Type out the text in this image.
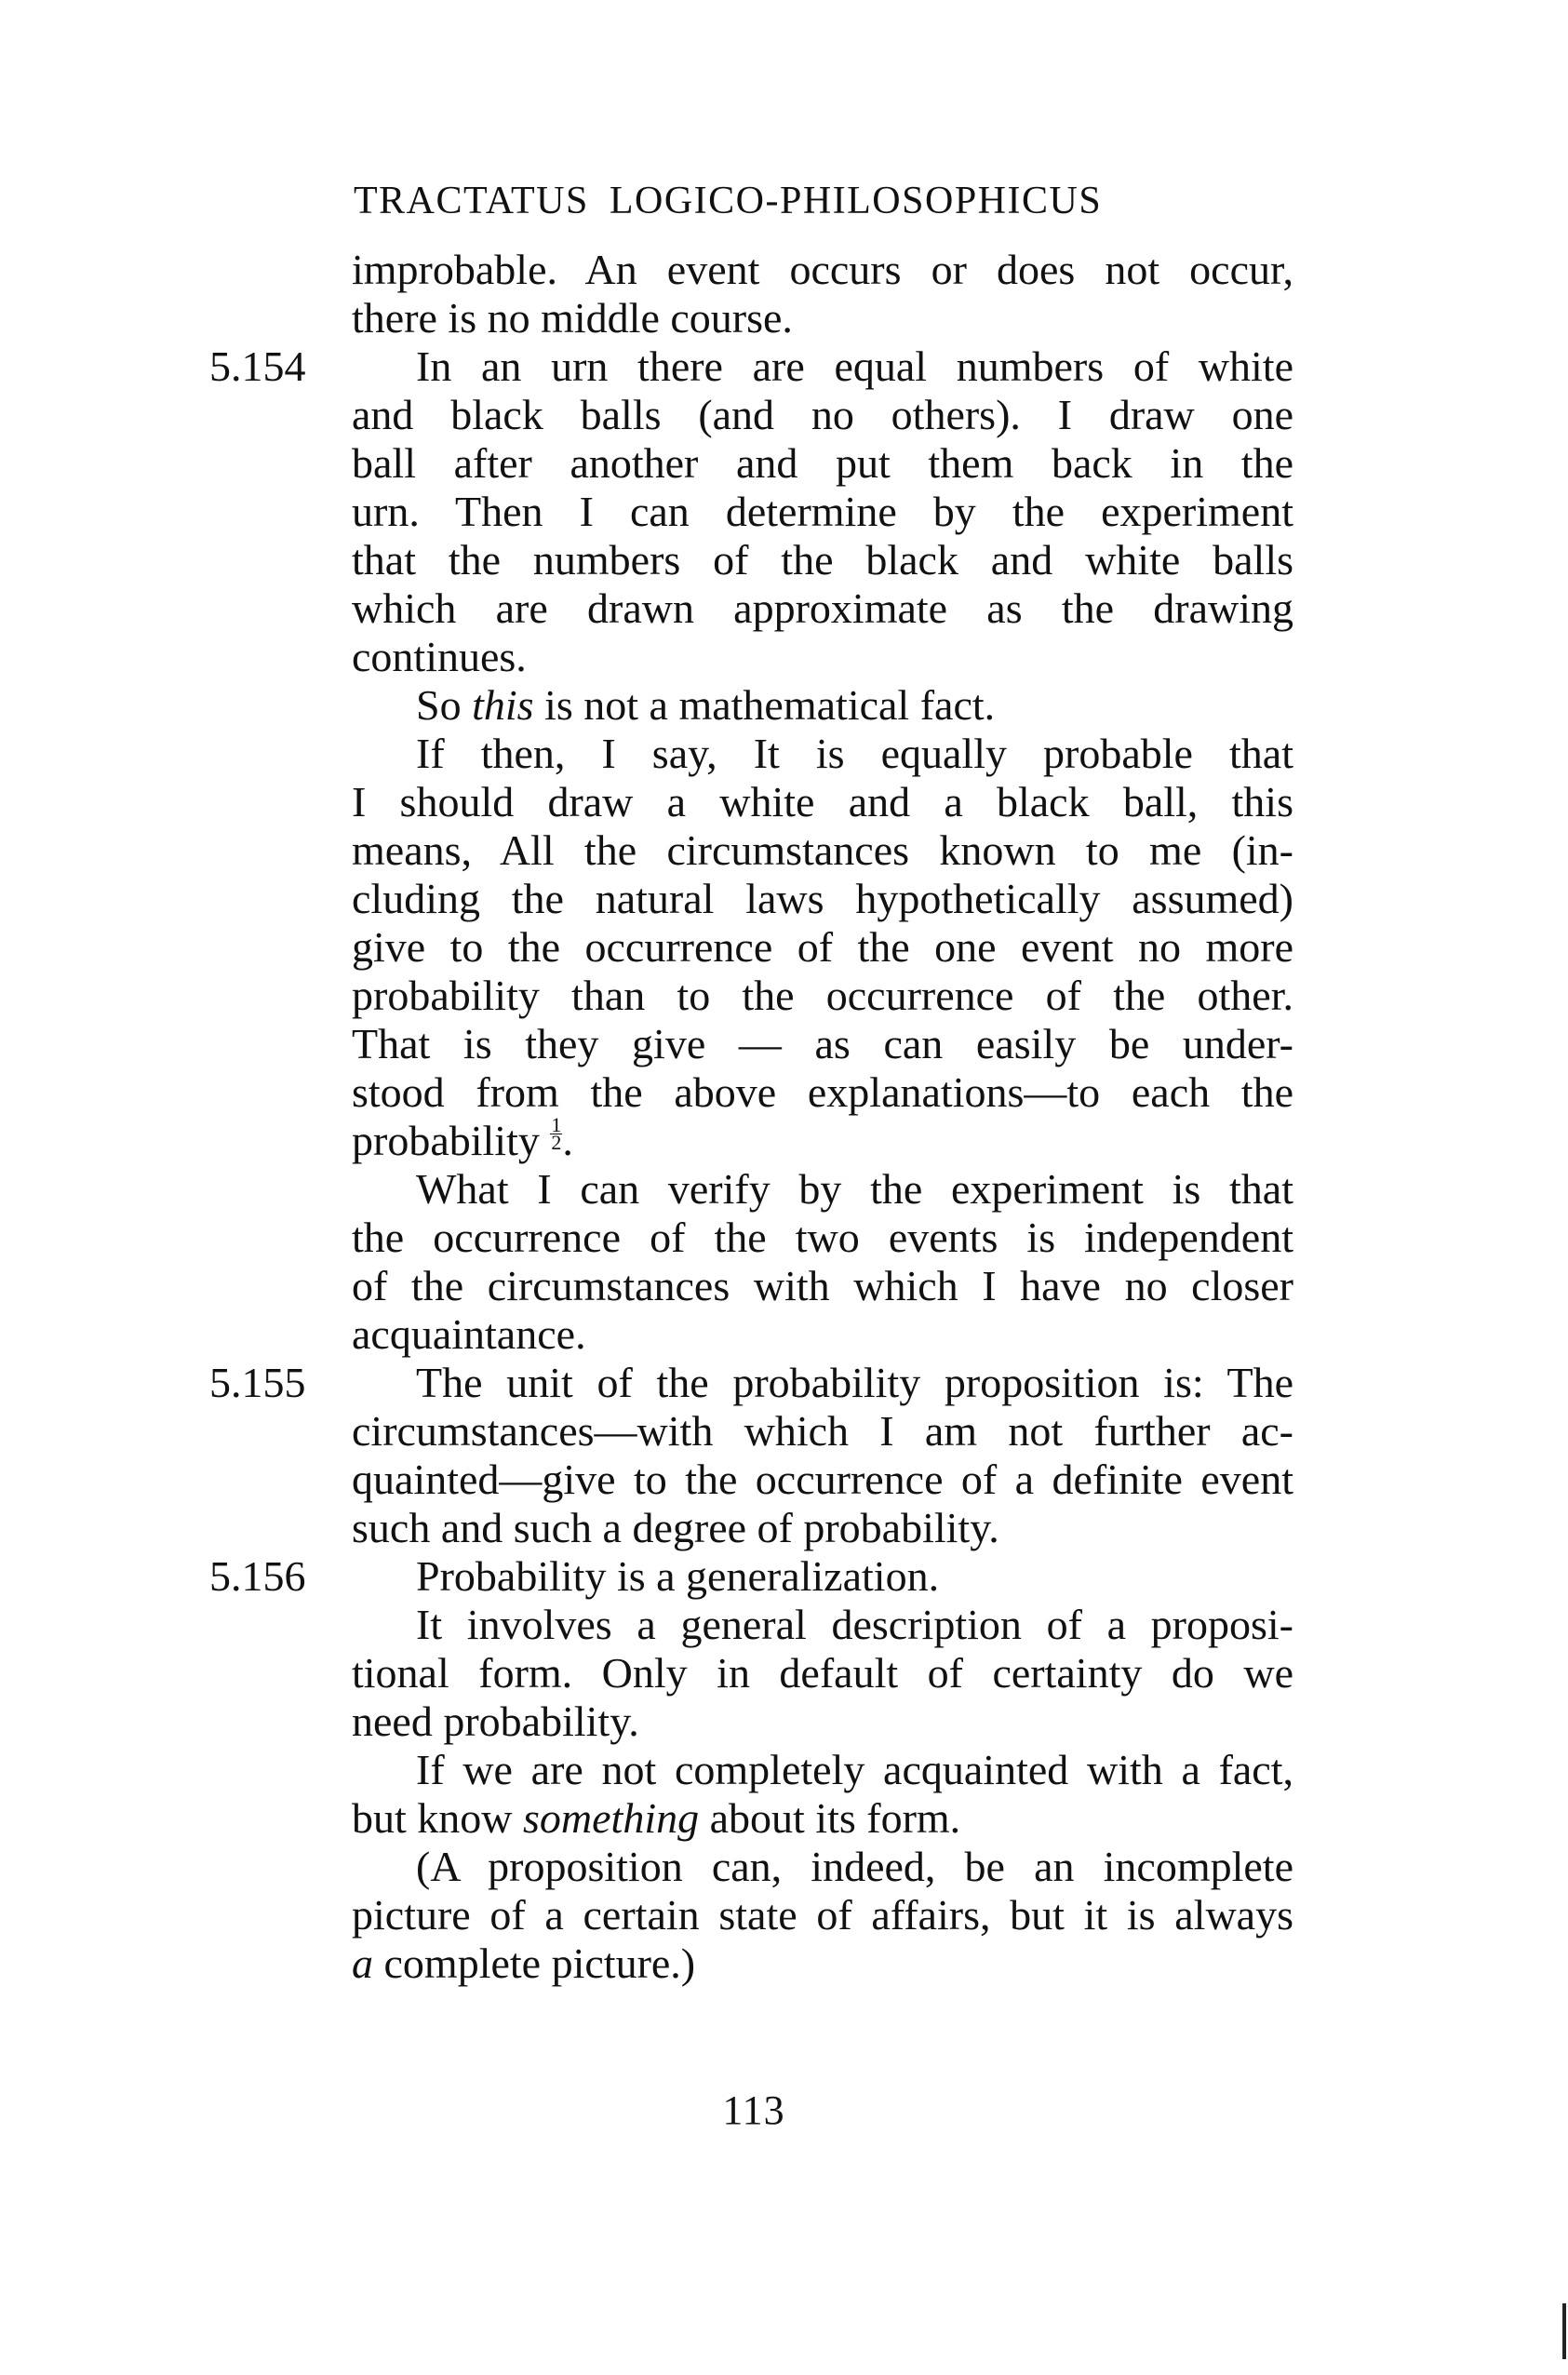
TRACTATUS LOGICO-PHILOSOPHICUS
5.154
5.155
5.156
improbable. An event occurs or does not occur,
there is no middle course.
In an urn there are equal numbers of white
and black balls (and no others). I draw one
ball after another and put them back in the
urn. Then I can determine by the experiment
that the numbers of the black and white balls
which are drawn approximate as the drawing
continues.
So this is not a mathematical fact.
If then, I say, It is equally probable that
I should draw a white and a black ball, this
means, All the circumstances known to me (in-
cluding the natural laws hypothetically assumed)
give to the occurrence of the one event no more
probability than to the occurrence of the other.
That is they give — as can easily be under-
stood from the above explanations—to each the
probability $\frac{1}{2}$ .
What I can verify by the experiment is that
the occurrence of the two events is independent
of the circumstances with which I have no closer
acquaintance.
The unit of the probability proposition is: The
circumstances—with which I am not further ac-
quainted—give to the occurrence of a definite event
such and such a degree of probability.
Probability is a generalization.
It involves a general description of a proposi-
tional form. Only in default of certainty do we
need probability.
If we are not completely acquainted with a fact,
but know something about its form.
(A proposition can, indeed, be an incomplete
picture of a certain state of affairs, but it is always
a complete picture.)
113
